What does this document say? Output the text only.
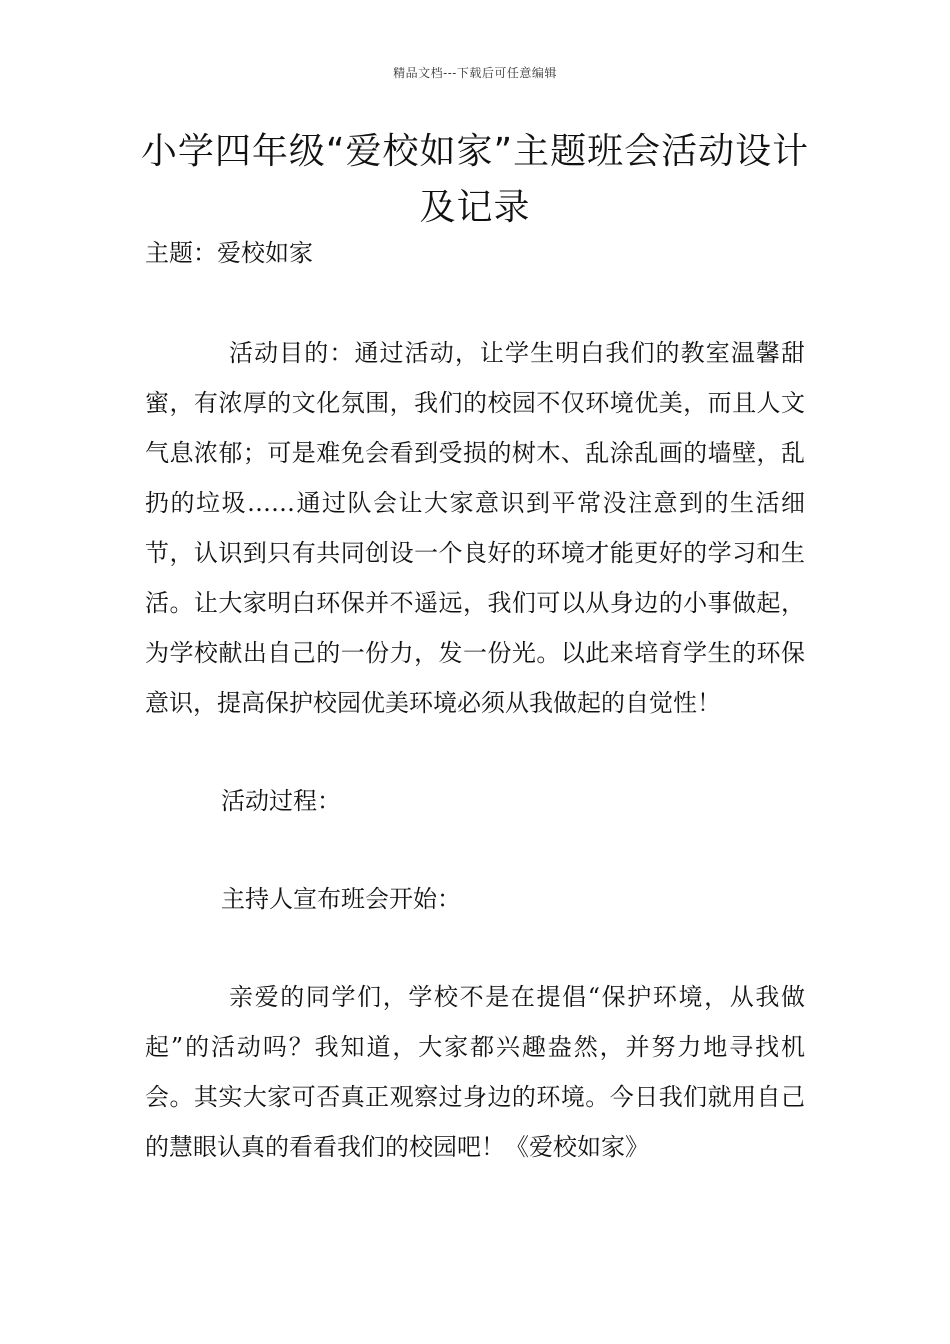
精品文档---下载后可任意编辑
小学四年级“爱校如家”主题班会活动设计及记录

主题：爱校如家

活动目的：通过活动，让学生明白我们的教室温馨甜蜜，有浓厚的文化氛围，我们的校园不仅环境优美，而且人文气息浓郁；可是难免会看到受损的树木、乱涂乱画的墙壁，乱扔的垃圾……通过队会让大家意识到平常没注意到的生活细节，认识到只有共同创设一个良好的环境才能更好的学习和生活。让大家明白环保并不遥远，我们可以从身边的小事做起，为学校献出自己的一份力，发一份光。以此来培育学生的环保意识，提高保护校园优美环境必须从我做起的自觉性！

活动过程：

主持人宣布班会开始：

亲爱的同学们，学校不是在提倡“保护环境，从我做起”的活动吗？我知道，大家都兴趣盎然，并努力地寻找机会。其实大家可否真正观察过身边的环境。今日我们就用自己的慧眼认真的看看我们的校园吧！《爱校如家》
